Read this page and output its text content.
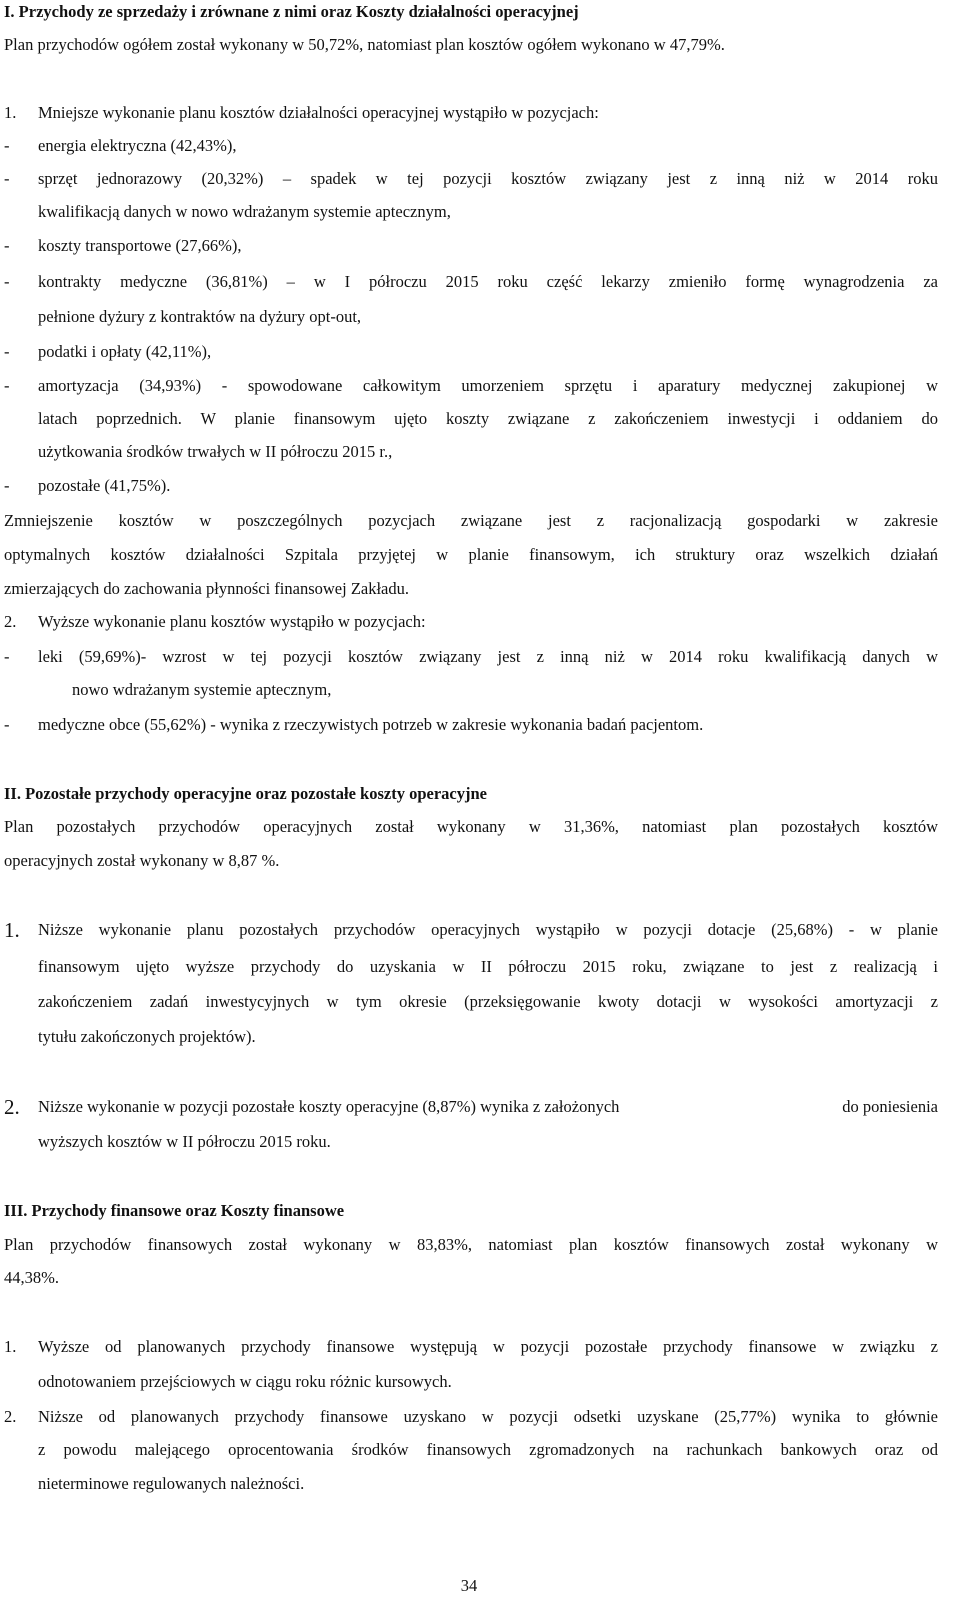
I. Przychody ze sprzedaży i zrównane z nimi oraz Koszty działalności operacyjnej
Plan przychodów ogółem został wykonany w 50,72%, natomiast plan kosztów ogółem wykonano w 47,79%.
1.	Mniejsze wykonanie planu kosztów działalności operacyjnej wystąpiło w pozycjach:
-	energia elektryczna (42,43%),
-	sprzęt jednorazowy (20,32%) – spadek w tej pozycji kosztów związany jest z inną niż w 2014 roku
kwalifikacją danych w nowo wdrażanym systemie aptecznym,
-	koszty transportowe (27,66%),
-	kontrakty medyczne (36,81%) – w I półroczu 2015 roku część lekarzy zmieniło formę wynagrodzenia za
pełnione dyżury z kontraktów na dyżury opt-out,
-	podatki i opłaty (42,11%),
-	amortyzacja (34,93%) - spowodowane całkowitym umorzeniem sprzętu i aparatury medycznej zakupionej w
latach poprzednich. W planie finansowym ujęto koszty związane z zakończeniem inwestycji i oddaniem do
użytkowania środków trwałych w II półroczu 2015 r.,
-	pozostałe (41,75%).
Zmniejszenie kosztów w poszczególnych pozycjach związane jest z racjonalizacją gospodarki w zakresie
optymalnych kosztów działalności Szpitala przyjętej w planie finansowym, ich struktury oraz wszelkich działań
zmierzających do zachowania płynności finansowej Zakładu.
2.	Wyższe wykonanie planu kosztów wystąpiło w pozycjach:
-	leki (59,69%)- wzrost w tej pozycji kosztów związany jest z inną niż w 2014 roku kwalifikacją danych w
nowo wdrażanym systemie aptecznym,
-	medyczne obce (55,62%) - wynika z rzeczywistych potrzeb w zakresie wykonania badań pacjentom.
II. Pozostałe przychody operacyjne oraz pozostałe koszty operacyjne
Plan pozostałych przychodów operacyjnych został wykonany w 31,36%, natomiast plan pozostałych kosztów
operacyjnych został wykonany w 8,87 %.
1.	Niższe wykonanie planu pozostałych przychodów operacyjnych wystąpiło w pozycji dotacje (25,68%) - w planie
finansowym ujęto wyższe przychody do uzyskania w II półroczu 2015 roku, związane to jest z realizacją i
zakończeniem zadań inwestycyjnych w tym okresie (przeksięgowanie kwoty dotacji w wysokości amortyzacji z
tytułu zakończonych projektów).
2.	Niższe wykonanie w pozycji pozostałe koszty operacyjne (8,87%) wynika z założonych	do poniesienia
wyższych kosztów w II półroczu 2015 roku.
III. Przychody finansowe oraz Koszty finansowe
Plan przychodów finansowych został wykonany w 83,83%, natomiast plan kosztów finansowych został wykonany w
44,38%.
1.	Wyższe od planowanych przychody finansowe występują w pozycji pozostałe przychody finansowe w związku z
odnotowaniem przejściowych w ciągu roku różnic kursowych.
2.	Niższe od planowanych przychody finansowe uzyskano w pozycji odsetki uzyskane (25,77%) wynika to głównie
z powodu malejącego oprocentowania środków finansowych zgromadzonych na rachunkach bankowych oraz od
nieterminowe regulowanych należności.
34
